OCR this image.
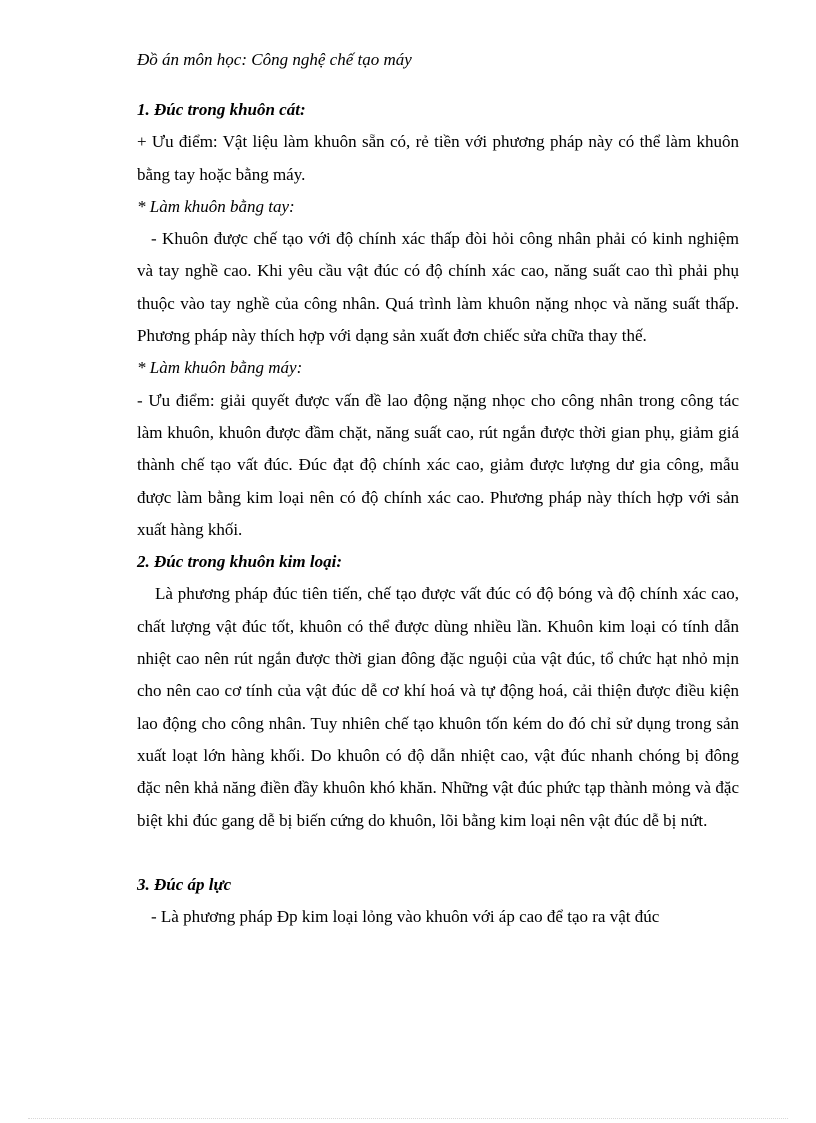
Đồ án môn học: Công nghệ chế tạo máy

1. Đúc trong khuôn cát:

+ Ưu điểm: Vật liệu làm khuôn sẵn có, rẻ tiền với phương pháp này có thể làm khuôn bằng tay hoặc bằng máy.

* Làm khuôn bằng tay:

- Khuôn được chế tạo với độ chính xác thấp đòi hỏi công nhân phải có kinh nghiệm và tay nghề cao. Khi yêu cầu vật đúc có độ chính xác cao, năng suất cao thì phải phụ thuộc vào tay nghề của công nhân. Quá trình làm khuôn nặng nhọc và năng suất thấp. Phương pháp này thích hợp với dạng sản xuất đơn chiếc sửa chữa thay thế.

* Làm khuôn bằng máy:

- Ưu điểm: giải quyết được vấn đề lao động nặng nhọc cho công nhân trong công tác làm khuôn, khuôn được đầm chặt, năng suất cao, rút ngắn được thời gian phụ, giảm giá thành chế tạo vất đúc. Đúc đạt độ chính xác cao, giảm được lượng dư gia công, mẫu được làm bằng kim loại nên có độ chính xác cao. Phương pháp này thích hợp với sản xuất hàng khối.

2. Đúc trong khuôn kim loại:

Là phương pháp đúc tiên tiến, chế tạo được vất đúc có độ bóng và độ chính xác cao, chất lượng vật đúc tốt, khuôn có thể được dùng nhiều lần. Khuôn kim loại có tính dẫn nhiệt cao nên rút ngắn được thời gian đông đặc nguội của vật đúc, tổ chức hạt nhỏ mịn cho nên cao cơ tính của vật đúc dễ cơ khí hoá và tự động hoá, cải thiện được điều kiện lao động cho công nhân. Tuy nhiên chế tạo khuôn tốn kém do đó chỉ sử dụng trong sản xuất loạt lớn hàng khối. Do khuôn có độ dẫn nhiệt cao, vật đúc nhanh chóng bị đông đặc nên khả năng điền đầy khuôn khó khăn. Những vật đúc phức tạp thành mỏng và đặc biệt khi đúc gang dễ bị biến cứng do khuôn, lõi bằng kim loại nên vật đúc dễ bị nứt.

3. Đúc áp lực

- Là phương pháp Đp kim loại lỏng vào khuôn với áp cao để tạo ra vật đúc
